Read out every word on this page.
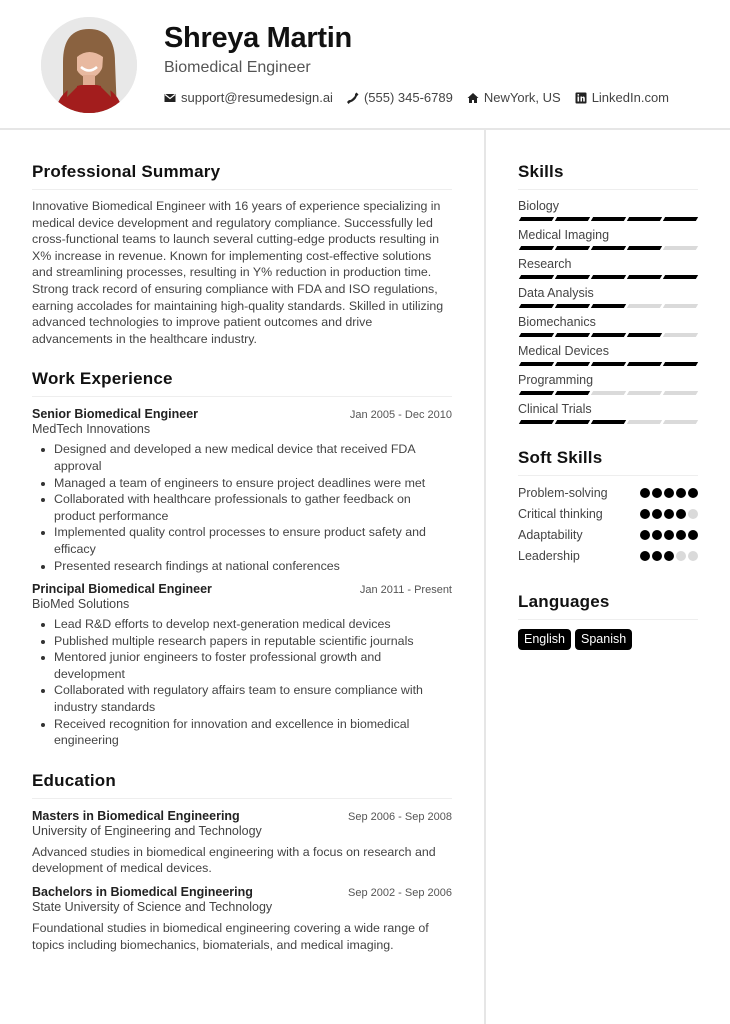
Shreya Martin
Biomedical Engineer
support@resumedesign.ai (555) 345-6789 NewYork, US LinkedIn.com
Professional Summary
Innovative Biomedical Engineer with 16 years of experience specializing in medical device development and regulatory compliance. Successfully led cross-functional teams to launch several cutting-edge products resulting in X% increase in revenue. Known for implementing cost-effective solutions and streamlining processes, resulting in Y% reduction in production time. Strong track record of ensuring compliance with FDA and ISO regulations, earning accolades for maintaining high-quality standards. Skilled in utilizing advanced technologies to improve patient outcomes and drive advancements in the healthcare industry.
Work Experience
Senior Biomedical Engineer	Jan 2005 - Dec 2010
MedTech Innovations
Designed and developed a new medical device that received FDA approval
Managed a team of engineers to ensure project deadlines were met
Collaborated with healthcare professionals to gather feedback on product performance
Implemented quality control processes to ensure product safety and efficacy
Presented research findings at national conferences
Principal Biomedical Engineer	Jan 2011 - Present
BioMed Solutions
Lead R&D efforts to develop next-generation medical devices
Published multiple research papers in reputable scientific journals
Mentored junior engineers to foster professional growth and development
Collaborated with regulatory affairs team to ensure compliance with industry standards
Received recognition for innovation and excellence in biomedical engineering
Education
Masters in Biomedical Engineering	Sep 2006 - Sep 2008
University of Engineering and Technology
Advanced studies in biomedical engineering with a focus on research and development of medical devices.
Bachelors in Biomedical Engineering	Sep 2002 - Sep 2006
State University of Science and Technology
Foundational studies in biomedical engineering covering a wide range of topics including biomechanics, biomaterials, and medical imaging.
Skills
Biology
Medical Imaging
Research
Data Analysis
Biomechanics
Medical Devices
Programming
Clinical Trials
Soft Skills
Problem-solving
Critical thinking
Adaptability
Leadership
Languages
English	Spanish
